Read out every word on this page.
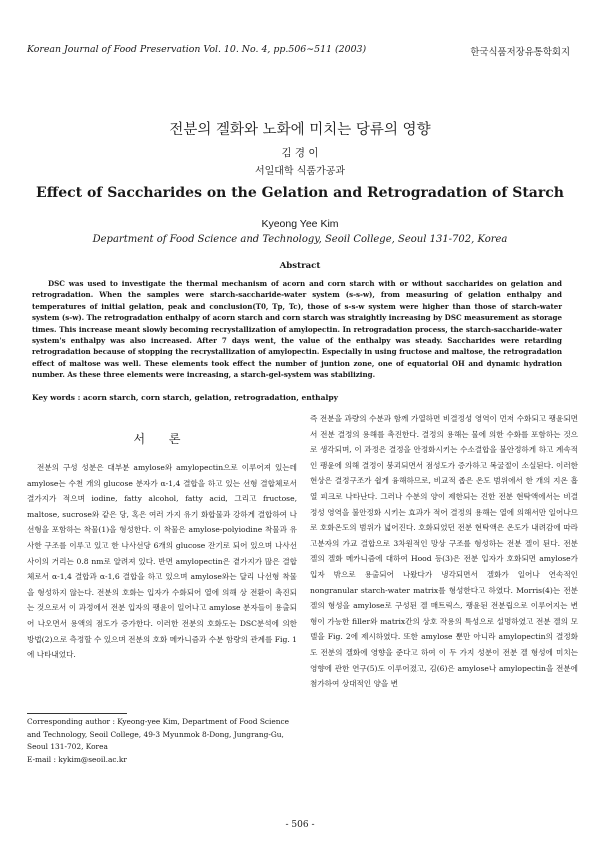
Korean Journal of Food Preservation Vol. 10. No. 4, pp.506∼511 (2003)	한국식품저장유통학회지
전분의 겔화와 노화에 미치는 당류의 영향
김 경 이
서일대학 식품가공과
Effect of Saccharides on the Gelation and Retrogradation of Starch
Kyeong Yee Kim
Department of Food Science and Technology, Seoil College, Seoul 131-702, Korea
Abstract

DSC was used to investigate the thermal mechanism of acorn and corn starch with or without saccharides on gelation and retrogradation. When the samples were starch-saccharide-water system (s-s-w), from measuring of gelation enthalpy and temperatures of initial gelation, peak and conclusion(T0, Tp, Tc), those of s-s-w system were higher than those of starch-water system (s-w). The retrogradation enthalpy of acorn starch and corn starch was straightly increasing by DSC measurement as storage times. This increase meant slowly becoming recrystallization of amylopectin. In retrogradation process, the starch-saccharide-water system's enthalpy was also increased. After 7 days went, the value of the enthalpy was steady. Saccharides were retarding retrogradation because of stopping the recrystallization of amylopectin. Especially in using fructose and maltose, the retrogradation effect of maltose was well. These elements took effect the number of juntion zone, one of equatorial OH and dynamic hydration number. As these three elements were increasing, a starch-gel-system was stabilizing.

Key words : acorn starch, corn starch, gelation, retrogradation, enthalpy
서 론

전분의 구성 성분은 대부분 amylose와 amylopectin으로 이루어져 있는데 amylose는 수천 개의 glucose 분자가 α-1,4 결합을 하고 있는 선형 결합체로서 결가지가 적으며 iodine, fatty alcohol, fatty acid, 그리고 fructose, maltose, sucrose와 같은 당, 혹은 여러 가지 유기 화합물과 강하게 결합하여 나선형을 포함하는 착물(1)을 형성한다. 이 착물은 amylose-polyiodine 착물과 유사한 구조를 이루고 있고 한 나사선당 6개의 glucose 잔기로 되어 있으며 나사선 사이의 거리는 0.8 nm로 알려져 있다. 반면 amylopectin은 곁가지가 많은 결합체로서 α-1,4 결합과 α-1,6 결합을 하고 있으며 amylose와는 달리 나선형 착물을 형성하지 않는다. 전분의 호화는 입자가 수화되어 열에 의해 상 전환이 촉진되는 것으로서 이 과정에서 전분 입자의 팽윤이 일어나고 amylose 분자들이 용출되어 나오면서 용액의 점도가 증가한다. 이러한 전분의 호화도는 DSC분석에 의한 방법(2)으로 측정할 수 있으며 전분의 호화 메카니즘과 수분 함량의 관계를 Fig. 1에 나타내었다.

즉 전분을 과량의 수분과 함께 가열하면 비결정성 영역이 먼저 수화되고 팽윤되면서 전분 결정의 용해를 촉진한다. 결정의 용해는 물에 의한 수화를 포함하는 것으로 생각되며, 이 과정은 결정을 안정화시키는 수소결합을 불안정하게 하고 계속적인 팽윤에 의해 결정이 붕괴되면서 점성도가 증가하고 복굴절이 소실된다. 이러한 현상은 결정구조가 쉽게 융해하므로, 비교적 좁은 온도 범위에서 한 개의 지온 흡열 피크로 나타난다. 그러나 수분의 양이 제한되는 진한 전분 현탁액에서는 비결정성 영역을 불안정화 시키는 효과가 적어 결정의 용해는 열에 의해서만 일어나므로 호화온도의 범위가 넓어진다. 호화되었던 전분 현탁액은 온도가 내려감에 따라 고분자의 가교 결합으로 3차원적인 망상 구조를 형성하는 전분 겔이 된다. 전분 겔의 겔화 메카니즘에 대하여 Hood 등(3)은 전분 입자가 호화되면 amylose가 입자 밖으로 용출되어 나왔다가 냉각되면서 겔화가 일어나 연속적인 nongranular starch-water matrix를 형성한다고 하였다. Morris(4)는 전분 겔의 형성을 amylose로 구성된 겔 매트릭스, 팽윤된 전분립으로 이루어지는 변형이 가능한 filler와 matrix간의 상호 작용의 특성으로 설명하였고 전분 겔의 모델을 Fig. 2에 제시하였다. 또한 amylose 뿐만 아니라 amylopectin의 결정화도 전분의 겔화에 영향을 준다고 하여 이 두 가지 성분이 전분 겔 형성에 미치는 영향에 관한 연구(5)도 이루어졌고, 김(6)은 amylose나 amylopectin을 전분에 첨가하여 상대적인 양을 변

Corresponding author : Kyeong-yee Kim, Department of Food Science and Technology, Seoil College, 49-3 Myunmok 8-Dong, Jungrang-Gu, Seoul 131-702, Korea
E-mail : kykim@seoil.ac.kr
- 506 -
